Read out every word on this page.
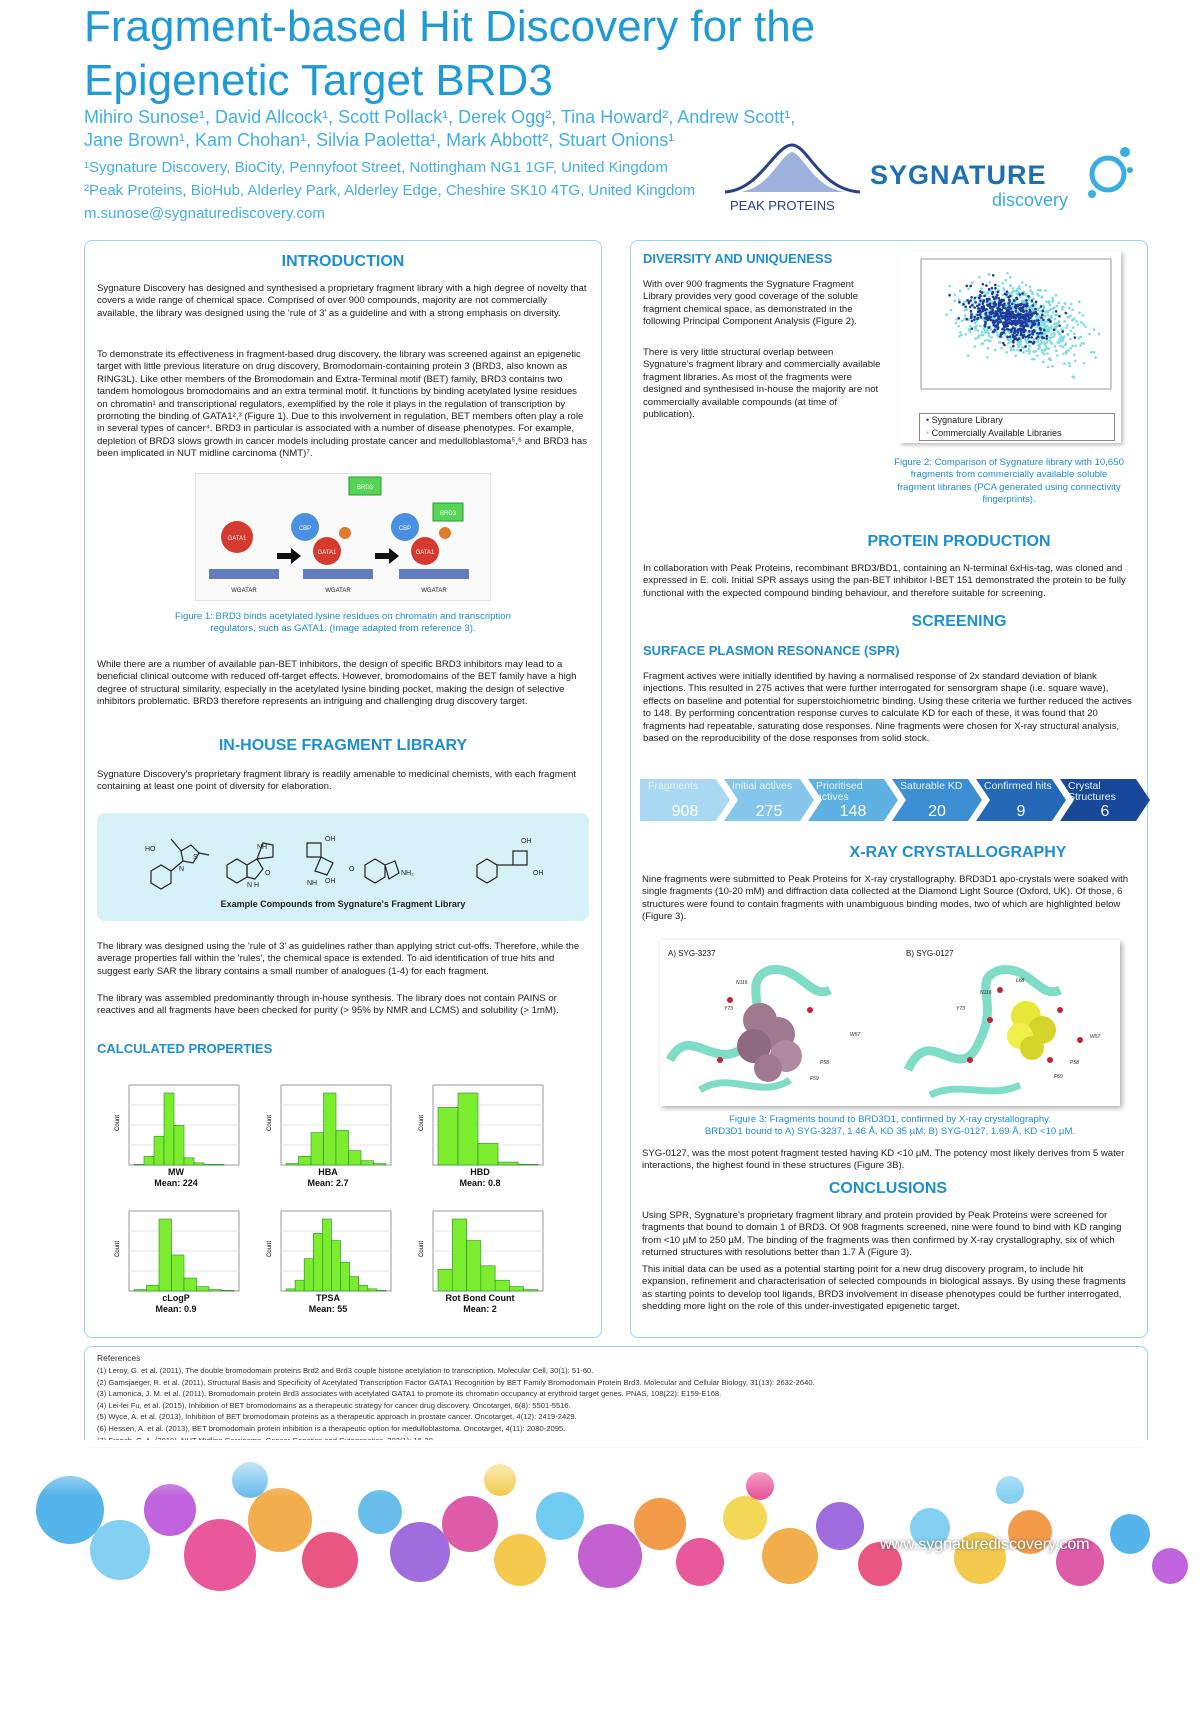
Fragment-based Hit Discovery for the
Epigenetic Target BRD3
Mihiro Sunose¹, David Allcock¹, Scott Pollack¹, Derek Ogg², Tina Howard², Andrew Scott¹,
Jane Brown¹, Kam Chohan¹, Silvia Paoletta¹, Mark Abbott², Stuart Onions¹
¹Sygnature Discovery, BioCity, Pennyfoot Street, Nottingham NG1 1GF, United Kingdom
²Peak Proteins, BioHub, Alderley Park, Alderley Edge, Cheshire SK10 4TG, United Kingdom
m.sunose@sygnaturediscovery.com	PEAK PROTEINS
SYGNATURE
discovery
INTRODUCTION

Sygnature Discovery has designed and synthesised a proprietary fragment library with a high degree of novelty that covers a wide range of chemical space. Comprised of over 900 compounds, majority are not commercially available, the library was designed using the 'rule of 3' as a guideline and with a strong emphasis on diversity.

To demonstrate its effectiveness in fragment-based drug discovery, the library was screened against an epigenetic target with little previous literature on drug discovery, Bromodomain-containing protein 3 (BRD3, also known as RING3L). Like other members of the Bromodomain and Extra-Terminal motif (BET) family, BRD3 contains two tandem homologous bromodomains and an extra terminal motif. It functions by binding acetylated lysine residues on chromatin¹ and transcriptional regulators, exemplified by the role it plays in the regulation of transcription by promoting the binding of GATA1²,³ (Figure 1). Due to this involvement in regulation, BET members often play a role in several types of cancer⁴. BRD3 in particular is associated with a number of disease phenotypes. For example, depletion of BRD3 slows growth in cancer models including prostate cancer and medulloblastoma⁵,⁶ and BRD3 has been implicated in NUT midline carcinoma (NMT)⁷.

BRD3
BRD3
CBP	CBP
GATA1
GATA1	GATA1
WGATAR	WGATAR	WGATAR
Figure 1: BRD3 binds acetylated lysine residues on chromatin and transcription regulators, such as GATA1. (Image adapted from reference 3).

While there are a number of available pan-BET inhibitors, the design of specific BRD3 inhibitors may lead to a beneficial clinical outcome with reduced off-target effects. However, bromodomains of the BET family have a high degree of structural similarity, especially in the acetylated lysine binding pocket, making the design of selective inhibitors problematic. BRD3 therefore represents an intriguing and challenging drug discovery target.

IN-HOUSE FRAGMENT LIBRARY

Sygnature Discovery's proprietary fragment library is readily amenable to medicinal chemists, with each fragment containing at least one point of diversity for elaboration.

HO
S
N
NH
O
N H
OH
OH
NH
O
NH₂
OH
OH
Example Compounds from Sygnature's Fragment Library

The library was designed using the 'rule of 3' as guidelines rather than applying strict cut-offs. Therefore, while the average properties fall within the 'rules', the chemical space is extended. To aid identification of true hits and suggest early SAR the library contains a small number of analogues (1-4) for each fragment.

The library was assembled predominantly through in-house synthesis. The library does not contain PAINS or reactives and all fragments have been checked for purity (> 95% by NMR and LCMS) and solubility (> 1mM).

CALCULATED PROPERTIES
Count
MW
Mean: 224
Count
HBA
Mean: 2.7
Count
HBD
Mean: 0.8
Count
cLogP
Mean: 0.9
Count
TPSA
Mean: 55
Count
Rot Bond Count
Mean: 2
DIVERSITY AND UNIQUENESS

With over 900 fragments the Sygnature Fragment Library provides very good coverage of the soluble fragment chemical space, as demonstrated in the following Principal Component Analysis (Figure 2).

There is very little structural overlap between Sygnature's fragment library and commercially available fragment libraries. As most of the fragments were designed and synthesised in-house the majority are not commercially available compounds (at time of publication).	• Sygnature Library
• Commercially Available Libraries
Figure 2: Comparison of Sygnature library with 10,650 fragments from commercially available soluble fragment libraries (PCA generated using connectivity fingerprints).
PROTEIN PRODUCTION

In collaboration with Peak Proteins, recombinant BRD3/BD1, containing an N-terminal 6xHis-tag, was cloned and expressed in E. coli. Initial SPR assays using the pan-BET inhibitor I-BET 151 demonstrated the protein to be fully functional with the expected compound binding behaviour, and therefore suitable for screening.

SCREENING
SURFACE PLASMON RESONANCE (SPR)

Fragment actives were initially identified by having a normalised response of 2x standard deviation of blank injections. This resulted in 275 actives that were further interrogated for sensorgram shape (i.e. square wave), effects on baseline and potential for superstoichiometric binding. Using these criteria we further reduced the actives to 148. By performing concentration response curves to calculate KD for each of these, it was found that 20 fragments had repeatable, saturating dose responses. Nine fragments were chosen for X-ray structural analysis, based on the reproducibility of the dose responses from solid stock.

Fragments
908
Initial actives
275
Prioritised actives
148
Saturable KD
20
Confirmed hits
9
Crystal Structures
6
X-RAY CRYSTALLOGRAPHY

Nine fragments were submitted to Peak Proteins for X-ray crystallography. BRD3D1 apo-crystals were soaked with single fragments (10-20 mM) and diffraction data collected at the Diamond Light Source (Oxford, UK). Of those, 6 structures were found to contain fragments with unambiguous binding modes, two of which are highlighted below (Figure 3).

A) SYG-3237	B) SYG-0127
N116
Y73
W57
P58
F59
L68
N116
Y73
W57
P58
F59
Figure 3: Fragments bound to BRD3D1, confirmed by X-ray crystallography.
BRD3D1 bound to A) SYG-3237, 1.46 Å, KD 35 µM; B) SYG-0127, 1.69 Å, KD <10 µM.

SYG-0127, was the most potent fragment tested having KD <10 µM. The potency most likely derives from 5 water interactions, the highest found in these structures (Figure 3B).

CONCLUSIONS

Using SPR, Sygnature's proprietary fragment library and protein provided by Peak Proteins were screened for fragments that bound to domain 1 of BRD3. Of 908 fragments screened, nine were found to bind with KD ranging from <10 µM to 250 µM. The binding of the fragments was then confirmed by X-ray crystallography, six of which returned structures with resolutions better than 1.7 Å (Figure 3).

This initial data can be used as a potential starting point for a new drug discovery program, to include hit expansion, refinement and characterisation of selected compounds in biological assays. By using these fragments as starting points to develop tool ligands, BRD3 involvement in disease phenotypes could be further interrogated, shedding more light on the role of this under-investigated epigenetic target.

References
(1) Leroy, G. et al. (2011), The double bromodomain proteins Brd2 and Brd3 couple histone acetylation to transcription. Molecular Cell, 30(1): 51-60.
(2) Gamsjaeger, R. et al. (2011), Structural Basis and Specificity of Acetylated Transcription Factor GATA1 Recognition by BET Family Bromodomain Protein Brd3. Molecular and Cellular Biology, 31(13): 2632-2640.
(3) Lamonica, J. M. et al. (2011), Bromodomain protein Brd3 associates with acetylated GATA1 to promote its chromatin occupancy at erythroid target genes. PNAS, 108(22): E159-E168.
(4) Lei-lei Fu, et al. (2015), Inhibition of BET bromodomains as a therapeutic strategy for cancer drug discovery. Oncotarget, 6(8): 5501-5516.
(5) Wyce, A. et al. (2013), Inhibition of BET bromodomain proteins as a therapeutic approach in prostate cancer. Oncotarget, 4(12): 2419-2429.
(6) Hessen, A. et al. (2013), BET bromodomain protein inhibition is a therapeutic option for medulloblastoma. Oncotarget, 4(11): 2080-2095.
www.sygnaturediscovery.com
